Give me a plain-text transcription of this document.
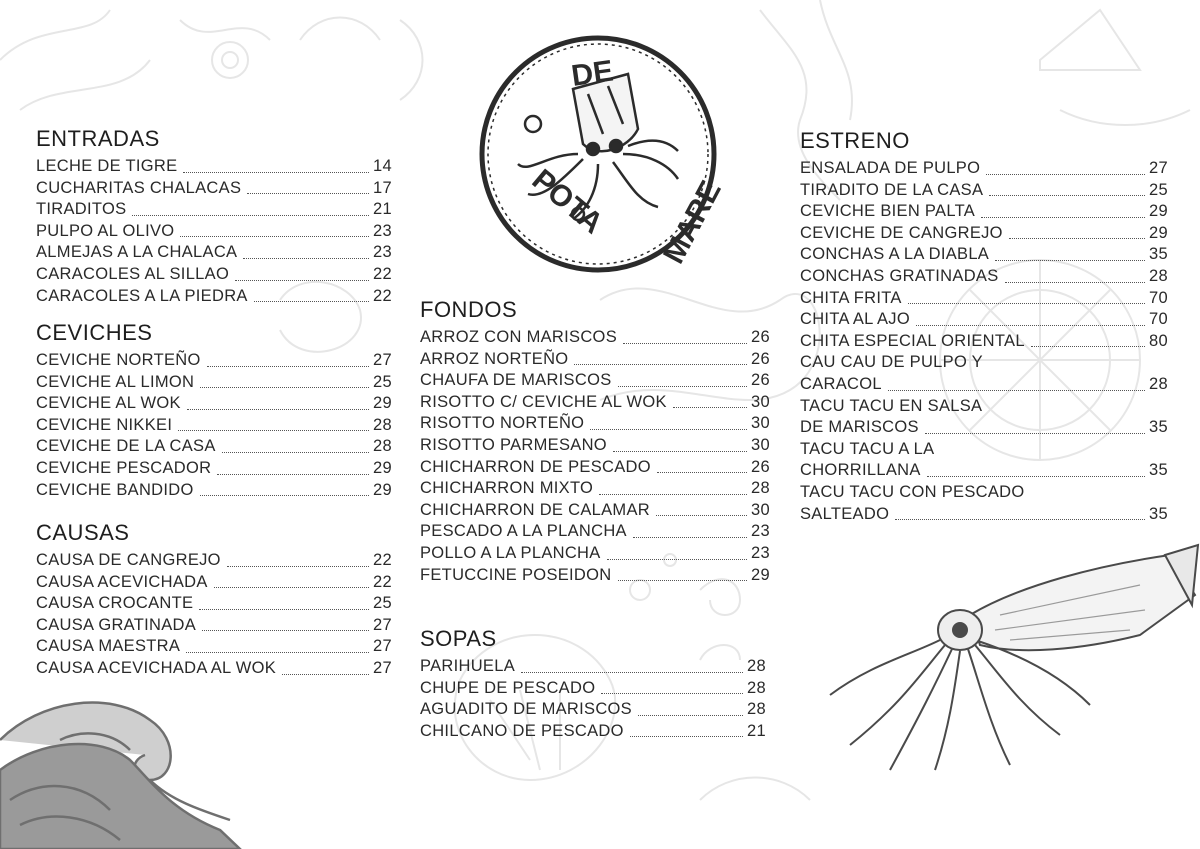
DE
POTA MARE
ENTRADAS
LECHE DE TIGRE	14
CUCHARITAS CHALACAS	17
TIRADITOS	21
PULPO AL OLIVO	23
ALMEJAS A LA CHALACA	23
CARACOLES AL SILLAO	22
CARACOLES A LA PIEDRA	22
CEVICHES
CEVICHE NORTEÑO	27
CEVICHE AL LIMON	25
CEVICHE AL WOK	29
CEVICHE NIKKEI	28
CEVICHE DE LA CASA	28
CEVICHE PESCADOR	29
CEVICHE BANDIDO	29
CAUSAS
CAUSA DE CANGREJO	22
CAUSA ACEVICHADA	22
CAUSA CROCANTE	25
CAUSA GRATINADA	27
CAUSA MAESTRA	27
CAUSA ACEVICHADA AL WOK	27
FONDOS
ARROZ CON MARISCOS	26
ARROZ NORTEÑO	26
CHAUFA DE MARISCOS	26
RISOTTO C/ CEVICHE AL WOK	30
RISOTTO NORTEÑO	30
RISOTTO PARMESANO	30
CHICHARRON DE PESCADO	26
CHICHARRON MIXTO	28
CHICHARRON DE CALAMAR	30
PESCADO A LA PLANCHA	23
POLLO A LA PLANCHA	23
FETUCCINE POSEIDON	29
SOPAS
PARIHUELA	28
CHUPE DE PESCADO	28
AGUADITO DE MARISCOS	28
CHILCANO DE PESCADO	21
ESTRENO
ENSALADA DE PULPO	27
TIRADITO DE LA CASA	25
CEVICHE BIEN PALTA	29
CEVICHE DE CANGREJO	29
CONCHAS A LA DIABLA	35
CONCHAS GRATINADAS	28
CHITA FRITA	70
CHITA AL AJO	70
CHITA ESPECIAL ORIENTAL	80
CAU CAU DE PULPO Y
CARACOL	28
TACU TACU EN SALSA
DE MARISCOS	35
TACU TACU A LA
CHORRILLANA	35
TACU TACU CON PESCADO
SALTEADO	35
